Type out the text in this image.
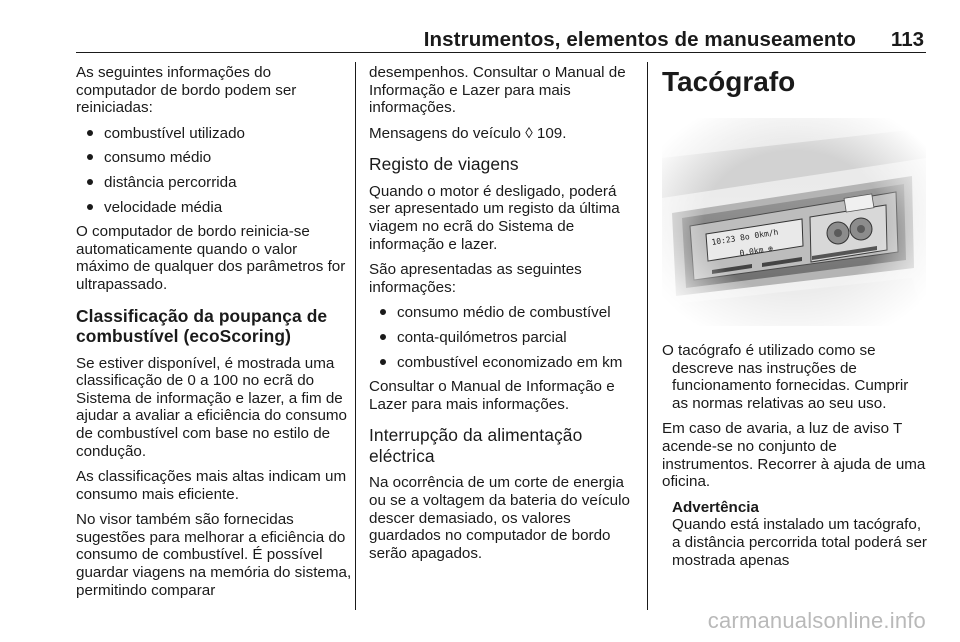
Instrumentos, elementos de manuseamento 113

As seguintes informações do computador de bordo podem ser reiniciadas:

combustível utilizado
consumo médio
distância percorrida
velocidade média

O computador de bordo reinicia-se automaticamente quando o valor máximo de qualquer dos parâmetros for ultrapassado.

Classificação da poupança de combustível (ecoScoring)

Se estiver disponível, é mostrada uma classificação de 0 a 100 no ecrã do Sistema de informação e lazer, a fim de ajudar a avaliar a eficiência do consumo de combustível com base no estilo de condução.

As classificações mais altas indicam um consumo mais eficiente.

No visor também são fornecidas sugestões para melhorar a eficiência do consumo de combustível. É possível guardar viagens na memória do sistema, permitindo comparar

desempenhos. Consultar o Manual de Informação e Lazer para mais informações.

Mensagens do veículo ◊ 109.

Registo de viagens

Quando o motor é desligado, poderá ser apresentado um registo da última viagem no ecrã do Sistema de informação e lazer.

São apresentadas as seguintes informações:

consumo médio de combustível
conta-quilómetros parcial
combustível economizado em km

Consultar o Manual de Informação e Lazer para mais informações.

Interrupção da alimentação eléctrica

Na ocorrência de um corte de energia ou se a voltagem da bateria do veículo descer demasiado, os valores guardados no computador de bordo serão apagados.

Tacógrafo

O tacógrafo é utilizado como se descreve nas instruções de funcionamento fornecidas. Cumprir as normas relativas ao seu uso.

Em caso de avaria, a luz de aviso T acende-se no conjunto de instrumentos. Recorrer à ajuda de uma oficina.

Advertência
Quando está instalado um tacógrafo, a distância percorrida total poderá ser mostrada apenas
carmanualsonline.info
